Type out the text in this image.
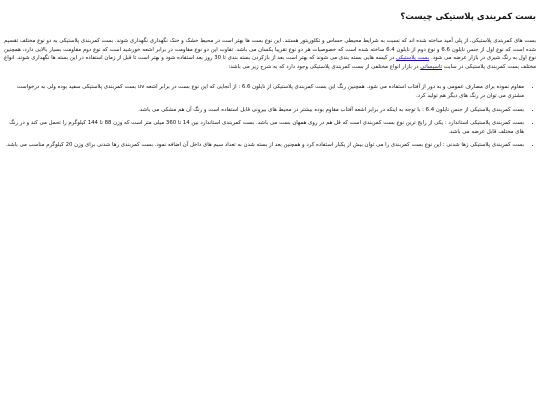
بست کمربندی پلاستیکی چیست؟

بست های کمربندی پلاستیکی، از پلی آمید ساخته شده اند که نسبت به شرایط محیطی حساس و تکلوریتور هستند. این نوع بست ها بهتر است در محیط خشک و خنک نگهداری نگهداری شوند. بست کمربندی پلاستیکی به دو نوع مختلف تقسیم شده است که نوع اول از جنس نایلون 6.6 و نوع دوم از نایلون 6.4 ساخته شده است که خصوصیات هر دو نوع تقریبا یکسان می باشد. تفاوت این دو نوع مقاومت در برابر اشعه خورشید است که نوع دوم مقاومت بسیار بالایی دارد، همچنین نوع اول به رنگ شیری در بازار عرضه می شود. بست پلاستیکی در کیسه هایی بسته بندی می شوند که بهتر است بعد از بازکردن بسته بندی تا 30 روز بعد استفاده شود و بهتر است تا قبل از زمان استفاده در این بسته ها نگهداری شوند. انواع مختلف بست کمربندی پلاستیکی در سایت تاسیساتی در بازار انواع مختلفی از بست کمربندی پلاستیکی وجود دارد که به شرح زیر می باشد:

• مقاوم نموده برای مصارف عمومی و به دور از آفتاب استفاده می شود. همچنین رنگ این بست کمربندی پلاستیکی از نایلون 6.6 : از آنجایی که این نوع بست در برابر اشعه uv بست کمربندی پلاستیکی سفید بوده ولی به درخواست مشتری می توان در رنگ های دیگر هم تولید کرد.
• بست کمربندی پلاستیکی از جنس نایلون 6.4 : با توجه به اینکه در برابر اشعه آفتاب مقاوم بوده بیشتر در محیط های بیرونی قابل استفاده است و رنگ آن هم مشکی می باشد.
• بست کمربندی پلاستیکی استاندارد : یکی از رایج ترین نوع بست کمربندی است که قل هم در روی همهان بست می باشد. بست کمربندی استاندارد بین 14 تا 360 میلی متر است که وزن 88 تا 144 کیلوگرم را تحمل می کند و در رنگ های مختلف قابل عرضه می باشد.
• بست کمربندی پلاستیکی زها شدنی : این نوع بست کمربندی را می توان بیش از یکبار استفاده کرد و همچنین بعد از بسته شدن به تعداد سیم های داخل آن اضافه نمود. بست کمربندی رها شدنی برای وزن 20 کیلوگرم مناسب می باشد.
